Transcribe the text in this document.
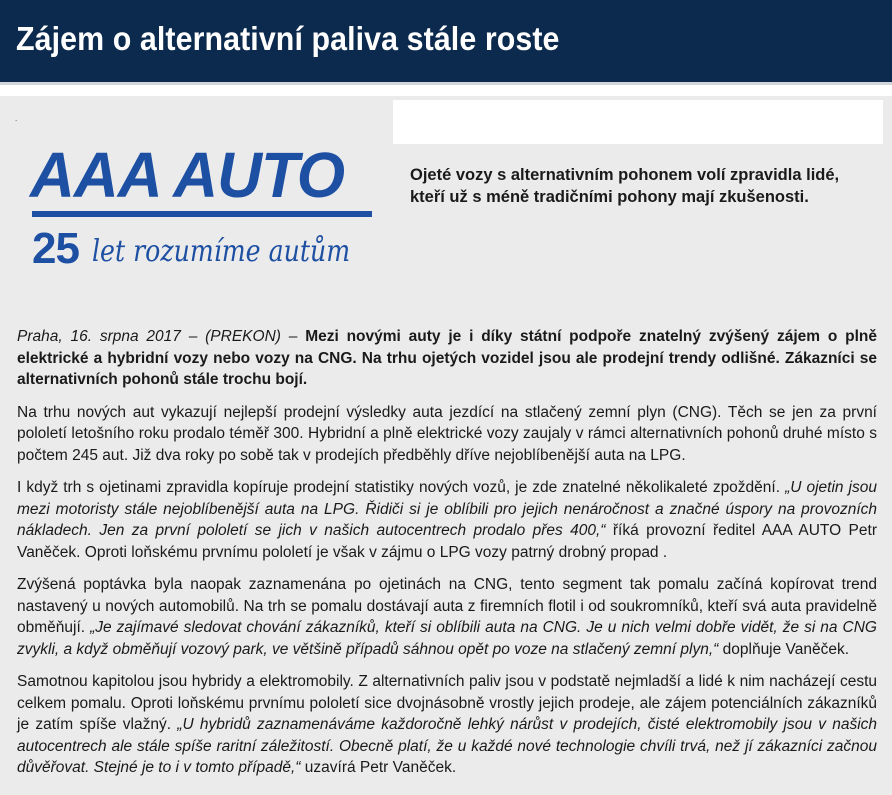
Zájem o alternativní paliva stále roste
.
AAA AUTO
25 let rozumíme autům
Ojeté vozy s alternativním pohonem volí zpravidla lidé, kteří už s méně tradičními pohony mají zkušenosti.

Praha, 16. srpna 2017 – (PREKON) – Mezi novými auty je i díky státní podpoře znatelný zvýšený zájem o plně elektrické a hybridní vozy nebo vozy na CNG. Na trhu ojetých vozidel jsou ale prodejní trendy odlišné. Zákazníci se alternativních pohonů stále trochu bojí.

Na trhu nových aut vykazují nejlepší prodejní výsledky auta jezdící na stlačený zemní plyn (CNG). Těch se jen za první pololetí letošního roku prodalo téměř 300. Hybridní a plně elektrické vozy zaujaly v rámci alternativních pohonů druhé místo s počtem 245 aut. Již dva roky po sobě tak v prodejích předběhly dříve nejoblíbenější auta na LPG.

I když trh s ojetinami zpravidla kopíruje prodejní statistiky nových vozů, je zde znatelné několikaleté zpoždění. „U ojetin jsou mezi motoristy stále nejoblíbenější auta na LPG. Řidiči si je oblíbili pro jejich nenáročnost a značné úspory na provozních nákladech. Jen za první pololetí se jich v našich autocentrech prodalo přes 400,“ říká provozní ředitel AAA AUTO Petr Vaněček. Oproti loňskému prvnímu pololetí je však v zájmu o LPG vozy patrný drobný propad .

Zvýšená poptávka byla naopak zaznamenána po ojetinách na CNG, tento segment tak pomalu začíná kopírovat trend nastavený u nových automobilů. Na trh se pomalu dostávají auta z firemních flotil i od soukromníků, kteří svá auta pravidelně obměňují. „Je zajímavé sledovat chování zákazníků, kteří si oblíbili auta na CNG. Je u nich velmi dobře vidět, že si na CNG zvykli, a když obměňují vozový park, ve většině případů sáhnou opět po voze na stlačený zemní plyn,“ doplňuje Vaněček.

Samotnou kapitolou jsou hybridy a elektromobily. Z alternativních paliv jsou v podstatě nejmladší a lidé k nim nacházejí cestu celkem pomalu. Oproti loňskému prvnímu pololetí sice dvojnásobně vrostly jejich prodeje, ale zájem potenciálních zákazníků je zatím spíše vlažný. „U hybridů zaznamenáváme každoročně lehký nárůst v prodejích, čisté elektromobily jsou v našich autocentrech ale stále spíše raritní záležitostí. Obecně platí, že u každé nové technologie chvíli trvá, než jí zákazníci začnou důvěřovat. Stejné je to i v tomto případě,“ uzavírá Petr Vaněček.
